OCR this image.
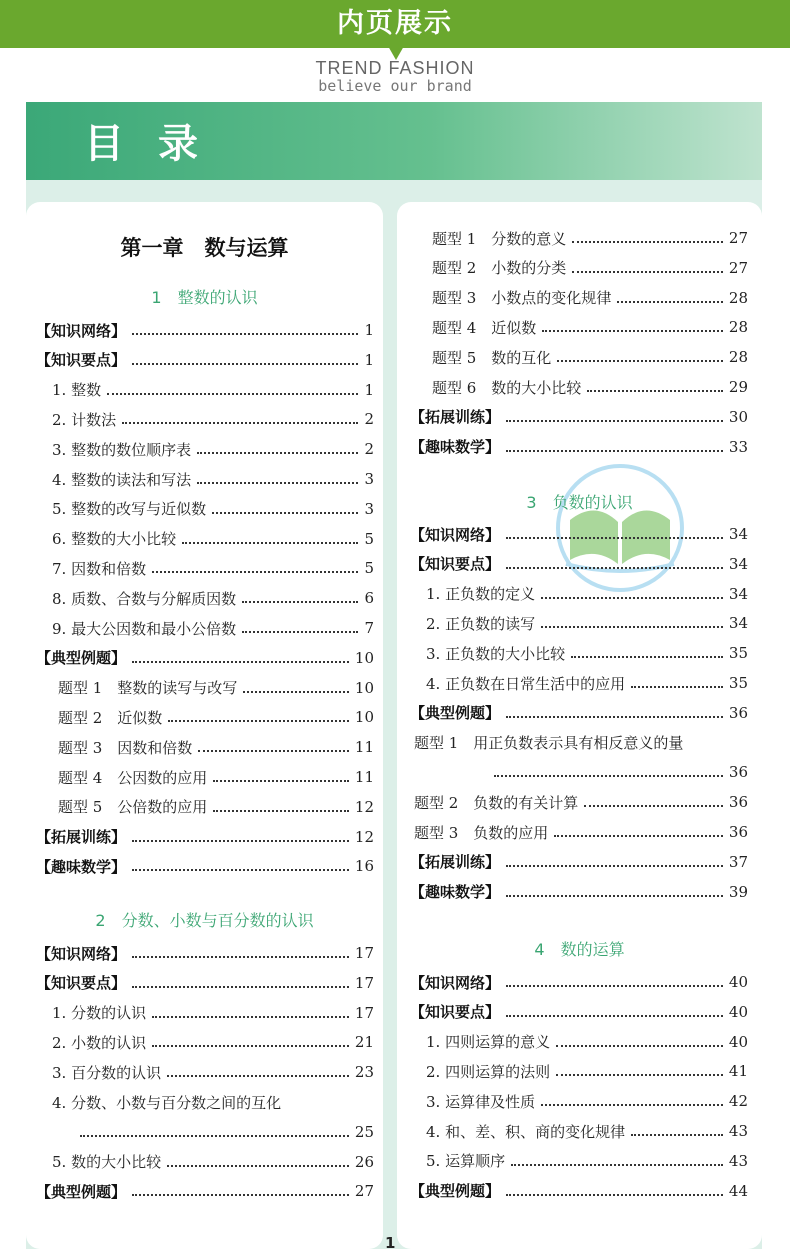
内页展示
TREND FASHION
believe our brand
目录
第一章　数与运算
1　整数的认识
【知识网络】	1
【知识要点】	1
1. 整数	1
2. 计数法	2
3. 整数的数位顺序表	2
4. 整数的读法和写法	3
5. 整数的改写与近似数	3
6. 整数的大小比较	5
7. 因数和倍数	5
8. 质数、合数与分解质因数	6
9. 最大公因数和最小公倍数	7
【典型例题】	10
题型 1　整数的读写与改写	10
题型 2　近似数	10
题型 3　因数和倍数	11
题型 4　公因数的应用	11
题型 5　公倍数的应用	12
【拓展训练】	12
【趣味数学】	16
2　分数、小数与百分数的认识
【知识网络】	17
【知识要点】	17
1. 分数的认识	17
2. 小数的认识	21
3. 百分数的认识	23
4. 分数、小数与百分数之间的互化
25
5. 数的大小比较	26
【典型例题】	27
题型 1　分数的意义	27
题型 2　小数的分类	27
题型 3　小数点的变化规律	28
题型 4　近似数	28
题型 5　数的互化	28
题型 6　数的大小比较	29
【拓展训练】	30
【趣味数学】	33
3　负数的认识
【知识网络】	34
【知识要点】	34
1. 正负数的定义	34
2. 正负数的读写	34
3. 正负数的大小比较	35
4. 正负数在日常生活中的应用	35
【典型例题】	36
题型 1　用正负数表示具有相反意义的量
36
题型 2　负数的有关计算	36
题型 3　负数的应用	36
【拓展训练】	37
【趣味数学】	39
4　数的运算
【知识网络】	40
【知识要点】	40
1. 四则运算的意义	40
2. 四则运算的法则	41
3. 运算律及性质	42
4. 和、差、积、商的变化规律	43
5. 运算顺序	43
【典型例题】	44
1
